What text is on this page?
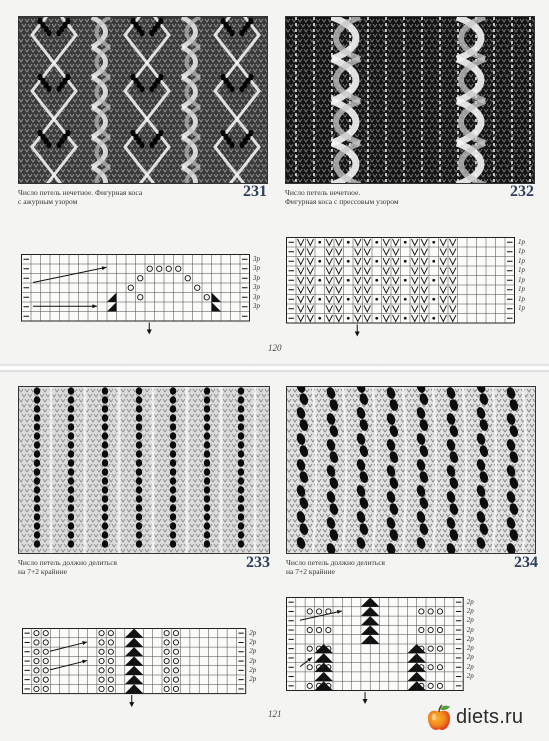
Число петель нечетное. Фигурная коса
с ажурным узором
231 Число петель нечетное.
Фигурная коса с прессовым узором
232
3р
3р
3р
3р
3р
3р
1р
1р
1р
1р
1р
1р
1р
1р
120
Число петель должно делиться
на 7+2 крайние
233 Число петель должно делиться
на 7+2 крайние
234
2р
2р
2р
2р
2р
2р
2р
2р
2р
2р
2р
2р
2р
2р
2р
121	diets.ru
